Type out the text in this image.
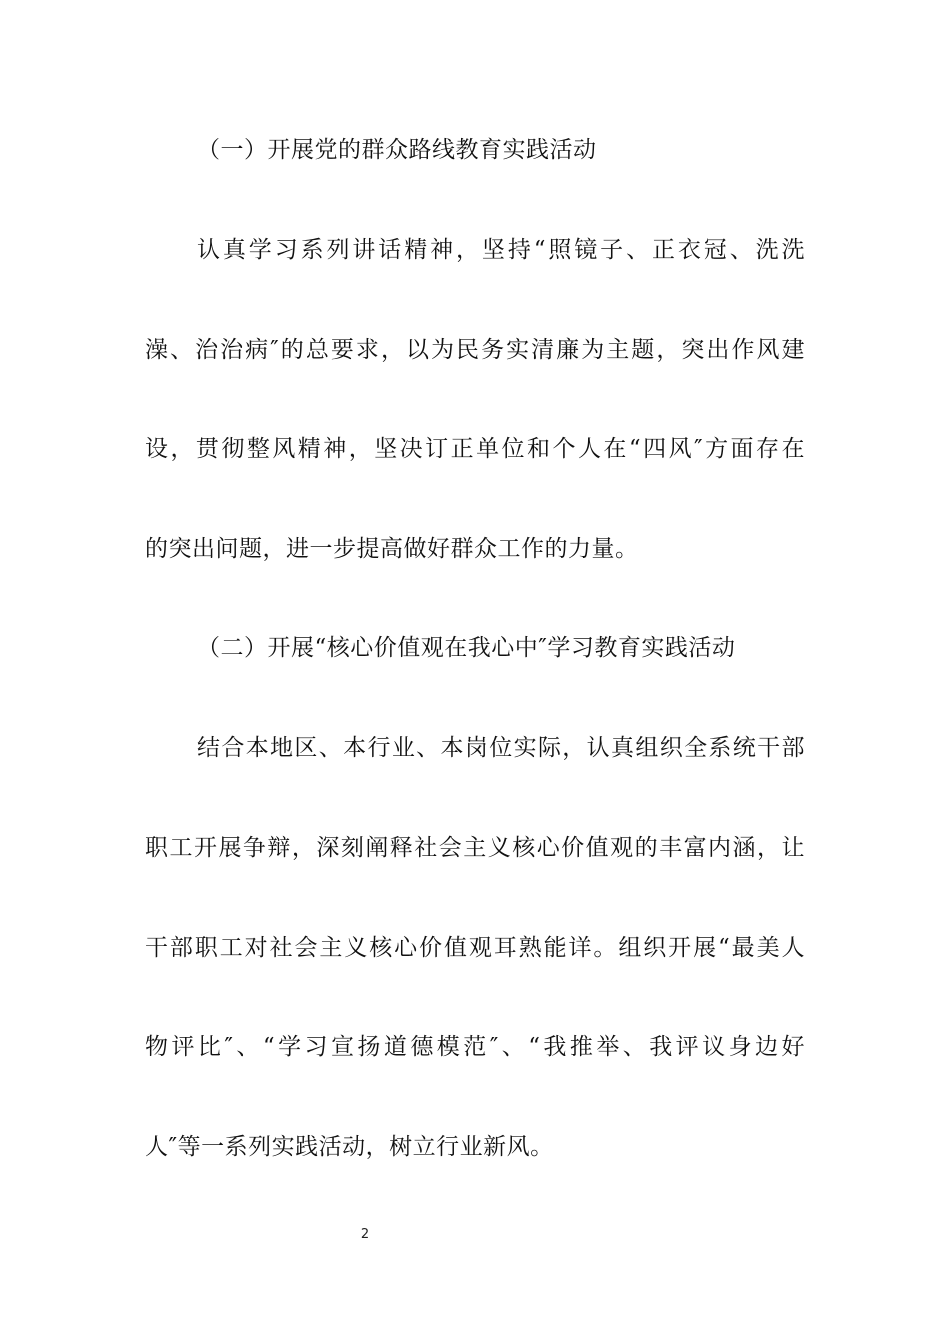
（一）开展党的群众路线教育实践活动
认真学习系列讲话精神，坚持“照镜子、正衣冠、洗洗
澡、治治病″的总要求，以为民务实清廉为主题，突出作风建
设，贯彻整风精神，坚决订正单位和个人在“四风″方面存在
的突出问题，进一步提高做好群众工作的力量。
（二）开展“核心价值观在我心中″学习教育实践活动
结合本地区、本行业、本岗位实际，认真组织全系统干部
职工开展争辩，深刻阐释社会主义核心价值观的丰富内涵，让
干部职工对社会主义核心价值观耳熟能详。组织开展“最美人
物评比″、“学习宣扬道德模范″、“我推举、我评议身边好
人″等一系列实践活动，树立行业新风。
2
